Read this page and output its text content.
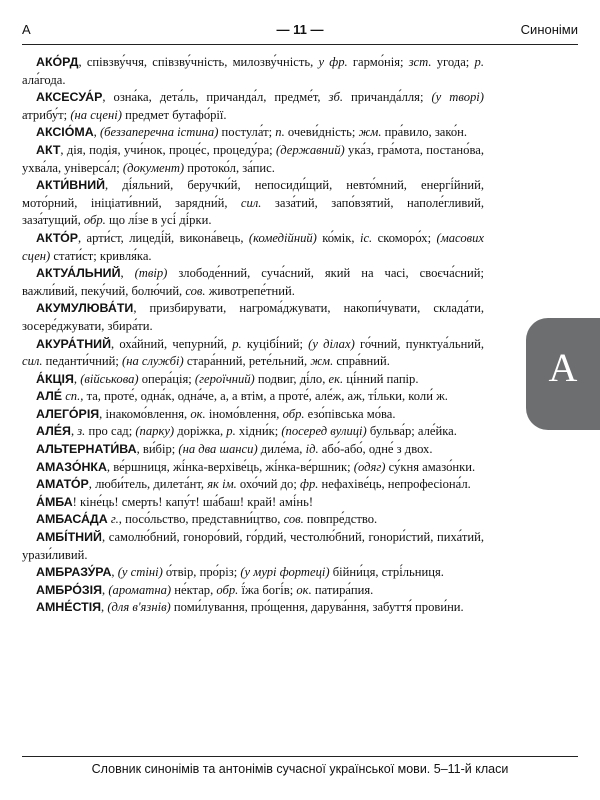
А	— 11 —	Синоніми

АКО́РД, співзву́ччя, співзву́чність, милозву́чність, у фр. гармо́нія; зст. угода; р. ала́года.

АКСЕСУА́Р, озна́ка, дета́ль, причанда́л, предме́т, зб. причанда́лля; (у творі) атрибу́т; (на сцені) предмет бутафо́рії.

АКСІО́МА, (беззаперечна істина) постула́т; п. очеви́дність; жм. пра́вило, зако́н.

АКТ, дія, подія, учи́нок, проце́с, процеду́ра; (державний) ука́з, гра́мота, постано́ва, ухва́ла, універса́л; (документ) протоко́л, за́пис.

АКТИ́ВНИЙ, ді́яльний, беручки́й, непосиди́щий, невто́мний, енергі́йний, мото́рний, ініціати́вний, зарядни́й, сил. заза́тий, запо́взятий, наполе́гливий, заза́тущий, обр. що лі́зе в усі́ ді́рки.

АКТО́Р, арти́ст, лицеді́й, викона́вець, (комедійний) ко́мік, іс. скоморо́х; (масових сцен) стати́ст; кривля́ка.

АКТУА́ЛЬНИЙ, (твір) злободе́нний, суча́сний, який на часі, своєча́сний; важли́вий, пеку́чий, болю́чий, сов. животрепе́тний.

АКУМУЛЮВА́ТИ, призбирувати, нагрома́джувати, накопи́чувати, склада́ти, зосере́джувати, збира́ти.

АКУРА́ТНИЙ, оха́йний, чепурни́й, р. куцібі́ний; (у ділах) го́чний, пунктуа́льний, сил. педанти́чний; (на службі) стара́нний, рете́льний, жм. спра́вний.

А́КЦІЯ, (військова) опера́ція; (героїчний) подвиг, ді́ло, ек. ці́нний папір.

АЛЕ́ сп., та, проте́, одна́к, одна́че, а, а втім, а проте́, але́ж, аж, ті́льки, коли́ ж.

АЛЕГО́РІЯ, інакомо́влення, ок. іномо́влення, обр. езо́півська мо́ва.

АЛЕ́Я, з. про сад; (парку) доріжка, р. хідни́к; (посеред вулиці) бульва́р; але́йка.

АЛЬТЕРНАТИ́ВА, ви́бір; (на два шанси) диле́ма, ід. або́-або́, одне́ з двох.

АМАЗО́НКА, ве́ршниця, жі́нка-верхіве́ць, жі́нка-ве́ршник; (одяг) су́кня амазо́нки.

АМАТО́Р, люби́тель, дилета́нт, як ім. охо́чий до; фр. нефахіве́ць, непрофесіона́л.

А́МБА! кіне́ць! смерть! капу́т! ша́баш! край! амі́нь!

АМБАСА́ДА г., посо́льство, представни́цтво, сов. повпре́дство.

АМБІ́ТНИЙ, самолю́бний, гоноро́вий, го́рдий, честолю́бний, гонори́стий, пиха́тий, урази́ливий.

АМБРАЗУ́РА, (у стіні) о́твір, про́різ; (у мурі фортеці) бійни́ця, стрі́льниця.

АМБРО́ЗІЯ, (ароматна) не́ктар, обр. ї́жа богі́в; ок. патира́пия.

АМНЕ́СТІЯ, (для в'язнів) поми́лування, про́щення, дарува́ння, забуття́ прови́ни.

А
Словник синонімів та антонімів сучасної української мови. 5–11-й класи
